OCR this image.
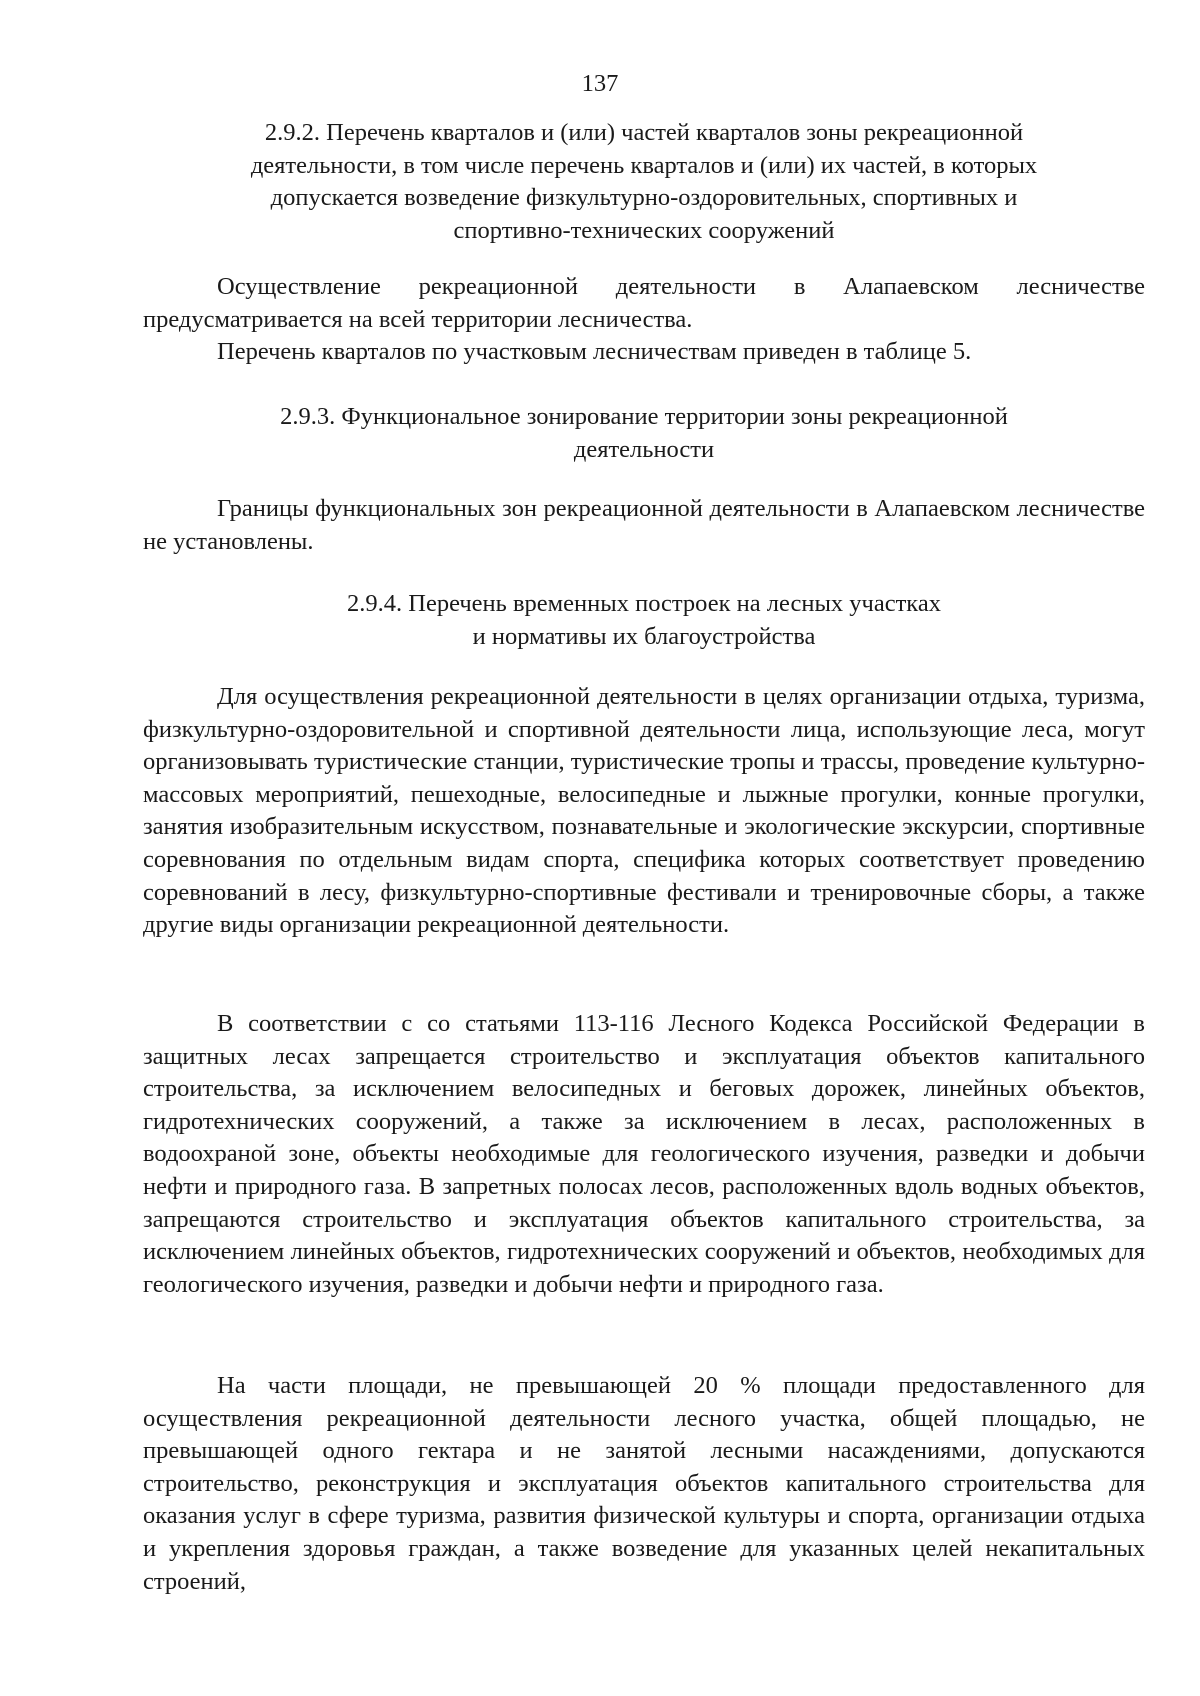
137
2.9.2. Перечень кварталов и (или) частей кварталов зоны рекреационной
деятельности, в том числе перечень кварталов и (или) их частей, в которых
допускается возведение физкультурно-оздоровительных, спортивных и
спортивно-технических сооружений

Осуществление рекреационной деятельности в Алапаевском лесничестве предусматривается на всей территории лесничества.

Перечень кварталов по участковым лесничествам приведен в таблице 5.

2.9.3. Функциональное зонирование территории зоны рекреационной
деятельности

Границы функциональных зон рекреационной деятельности в Алапаевском лесничестве не установлены.

2.9.4. Перечень временных построек на лесных участках
и нормативы их благоустройства

Для осуществления рекреационной деятельности в целях организации отдыха, туризма, физкультурно-оздоровительной и спортивной деятельности лица, использующие леса, могут организовывать туристические станции, туристические тропы и трассы, проведение культурно-массовых мероприятий, пешеходные, велосипедные и лыжные прогулки, конные прогулки, занятия изобразительным искусством, познавательные и экологические экскурсии, спортивные соревнования по отдельным видам спорта, специфика которых соответствует проведению соревнований в лесу, физкультурно-спортивные фестивали и тренировочные сборы, а также другие виды организации рекреационной деятельности.

В соответствии с со статьями 113-116 Лесного Кодекса Российской Федерации в защитных лесах запрещается строительство и эксплуатация объектов капитального строительства, за исключением велосипедных и беговых дорожек, линейных объектов, гидротехнических сооружений, а также за исключением в лесах, расположенных в водоохраной зоне, объекты необходимые для геологического изучения, разведки и добычи нефти и природного газа. В запретных полосах лесов, расположенных вдоль водных объектов, запрещаются строительство и эксплуатация объектов капитального строительства, за исключением линейных объектов, гидротехнических сооружений и объектов, необходимых для геологического изучения, разведки и добычи нефти и природного газа.

На части площади, не превышающей 20 % площади предоставленного для осуществления рекреационной деятельности лесного участка, общей площадью, не превышающей одного гектара и не занятой лесными насаждениями, допускаются строительство, реконструкция и эксплуатация объектов капитального строительства для оказания услуг в сфере туризма, развития физической культуры и спорта, организации отдыха и укрепления здоровья граждан, а также возведение для указанных целей некапитальных строений,
